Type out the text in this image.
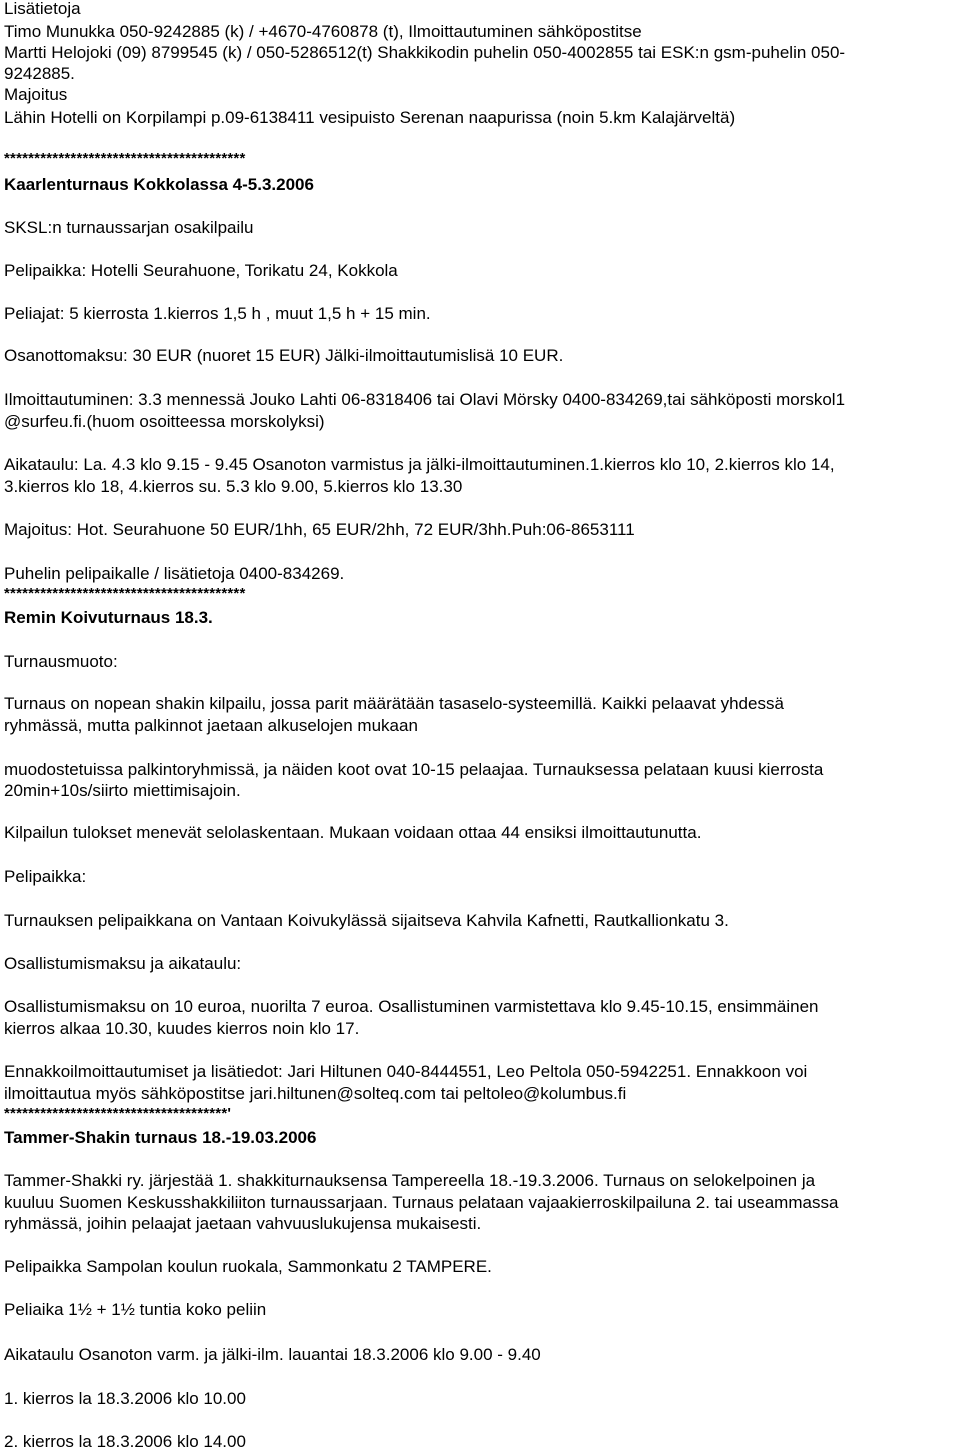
Lisätietoja
Timo Munukka 050-9242885 (k) / +4670-4760878 (t), Ilmoittautuminen sähköpostitse
Martti Helojoki (09) 8799545 (k) / 050-5286512(t) Shakkikodin puhelin 050-4002855 tai ESK:n gsm-puhelin 050-
9242885.
Majoitus
Lähin Hotelli on Korpilampi p.09-6138411 vesipuisto Serenan naapurissa (noin 5.km Kalajärveltä)
****************************************
Kaarlenturnaus Kokkolassa 4-5.3.2006
SKSL:n turnaussarjan osakilpailu
Pelipaikka: Hotelli Seurahuone, Torikatu 24, Kokkola
Peliajat: 5 kierrosta 1.kierros 1,5 h , muut 1,5 h + 15 min.
Osanottomaksu: 30 EUR (nuoret 15 EUR) Jälki-ilmoittautumislisä 10 EUR.
Ilmoittautuminen: 3.3 mennessä Jouko Lahti 06-8318406 tai Olavi Mörsky 0400-834269,tai sähköposti morskol1
@surfeu.fi.(huom osoitteessa morskolyksi)
Aikataulu: La. 4.3 klo 9.15 - 9.45 Osanoton varmistus ja jälki-ilmoittautuminen.1.kierros klo 10, 2.kierros klo 14,
3.kierros klo 18, 4.kierros su. 5.3 klo 9.00, 5.kierros klo 13.30
Majoitus: Hot. Seurahuone 50 EUR/1hh, 65 EUR/2hh, 72 EUR/3hh.Puh:06-8653111
Puhelin pelipaikalle / lisätietoja 0400-834269.
****************************************
Remin Koivuturnaus 18.3.
Turnausmuoto:
Turnaus on nopean shakin kilpailu, jossa parit määrätään tasaselo-systeemillä. Kaikki pelaavat yhdessä
ryhmässä, mutta palkinnot jaetaan alkuselojen mukaan
muodostetuissa palkintoryhmissä, ja näiden koot ovat 10-15 pelaajaa. Turnauksessa pelataan kuusi kierrosta
20min+10s/siirto miettimisajoin.
Kilpailun tulokset menevät selolaskentaan. Mukaan voidaan ottaa 44 ensiksi ilmoittautunutta.
Pelipaikka:
Turnauksen pelipaikkana on Vantaan Koivukylässä sijaitseva Kahvila Kafnetti, Rautkallionkatu 3.
Osallistumismaksu ja aikataulu:
Osallistumismaksu on 10 euroa, nuorilta 7 euroa. Osallistuminen varmistettava klo 9.45-10.15, ensimmäinen
kierros alkaa 10.30, kuudes kierros noin klo 17.
Ennakkoilmoittautumiset ja lisätiedot: Jari Hiltunen 040-8444551, Leo Peltola 050-5942251. Ennakkoon voi
ilmoittautua myös sähköpostitse jari.hiltunen@solteq.com tai peltoleo@kolumbus.fi
*************************************'
Tammer-Shakin turnaus 18.-19.03.2006
Tammer-Shakki ry. järjestää 1. shakkiturnauksensa Tampereella 18.-19.3.2006. Turnaus on selokelpoinen ja
kuuluu Suomen Keskusshakkiliiton turnaussarjaan. Turnaus pelataan vajaakierroskilpailuna 2. tai useammassa
ryhmässä, joihin pelaajat jaetaan vahvuuslukujensa mukaisesti.
Pelipaikka Sampolan koulun ruokala, Sammonkatu 2 TAMPERE.
Peliaika 1½ + 1½ tuntia koko peliin
Aikataulu Osanoton varm. ja jälki-ilm. lauantai 18.3.2006 klo 9.00 - 9.40
1. kierros la 18.3.2006 klo 10.00
2. kierros la 18.3.2006 klo 14.00
